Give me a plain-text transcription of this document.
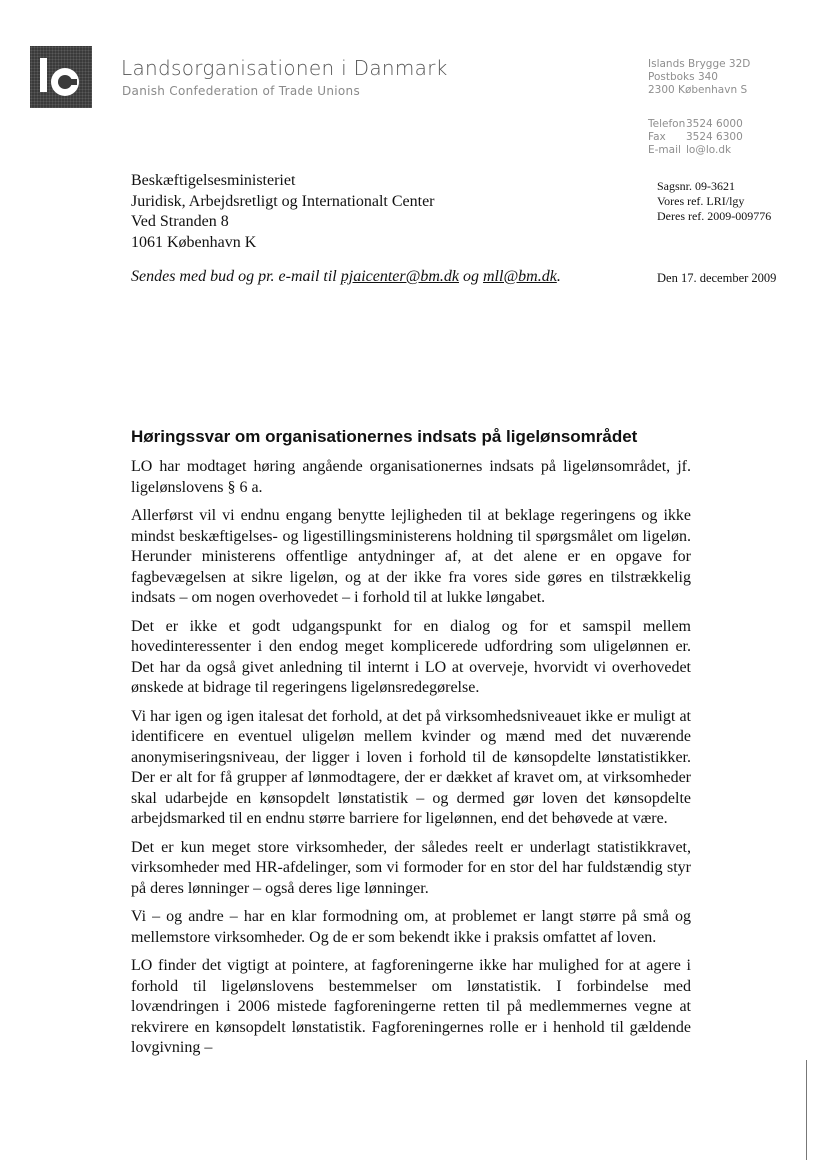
Landsorganisationen i Danmark
Danish Confederation of Trade Unions
Islands Brygge 32D
Postboks 340
2300 København S
Telefon3524 6000
Fax 3524 6300
E-mail lo@lo.dk
Beskæftigelsesministeriet
Juridisk, Arbejdsretligt og Internationalt Center
Ved Stranden 8
1061 København K
Sagsnr. 09-3621
Vores ref. LRI/lgy
Deres ref. 2009-009776
Sendes med bud og pr. e-mail til pjaicenter@bm.dk og mll@bm.dk.	Den 17. december 2009
Høringssvar om organisationernes indsats på ligelønsområdet

LO har modtaget høring angående organisationernes indsats på ligelønsområdet, jf. ligelønslovens § 6 a.

Allerførst vil vi endnu engang benytte lejligheden til at beklage regeringens og ikke mindst beskæftigelses- og ligestillingsministerens holdning til spørgsmålet om ligeløn. Herunder ministerens offentlige antydninger af, at det alene er en opgave for fagbevægelsen at sikre ligeløn, og at der ikke fra vores side gøres en tilstrækkelig indsats – om nogen overhovedet – i forhold til at lukke løngabet.

Det er ikke et godt udgangspunkt for en dialog og for et samspil mellem hovedinteressenter i den endog meget komplicerede udfordring som uligelønnen er. Det har da også givet anledning til internt i LO at overveje, hvorvidt vi overhovedet ønskede at bidrage til regeringens ligelønsredegørelse.

Vi har igen og igen italesat det forhold, at det på virksomhedsniveauet ikke er muligt at identificere en eventuel uligeløn mellem kvinder og mænd med det nuværende anonymiseringsniveau, der ligger i loven i forhold til de kønsopdelte lønstatistikker. Der er alt for få grupper af lønmodtagere, der er dækket af kravet om, at virksomheder skal udarbejde en kønsopdelt lønstatistik – og dermed gør loven det kønsopdelte arbejdsmarked til en endnu større barriere for ligelønnen, end det behøvede at være.

Det er kun meget store virksomheder, der således reelt er underlagt statistikkravet, virksomheder med HR-afdelinger, som vi formoder for en stor del har fuldstændig styr på deres lønninger – også deres lige lønninger.

Vi – og andre – har en klar formodning om, at problemet er langt større på små og mellemstore virksomheder. Og de er som bekendt ikke i praksis omfattet af loven.

LO finder det vigtigt at pointere, at fagforeningerne ikke har mulighed for at agere i forhold til ligelønslovens bestemmelser om lønstatistik. I forbindelse med lovændringen i 2006 mistede fagforeningerne retten til på medlemmernes vegne at rekvirere en kønsopdelt lønstatistik. Fagforeningernes rolle er i henhold til gældende lovgivning –
